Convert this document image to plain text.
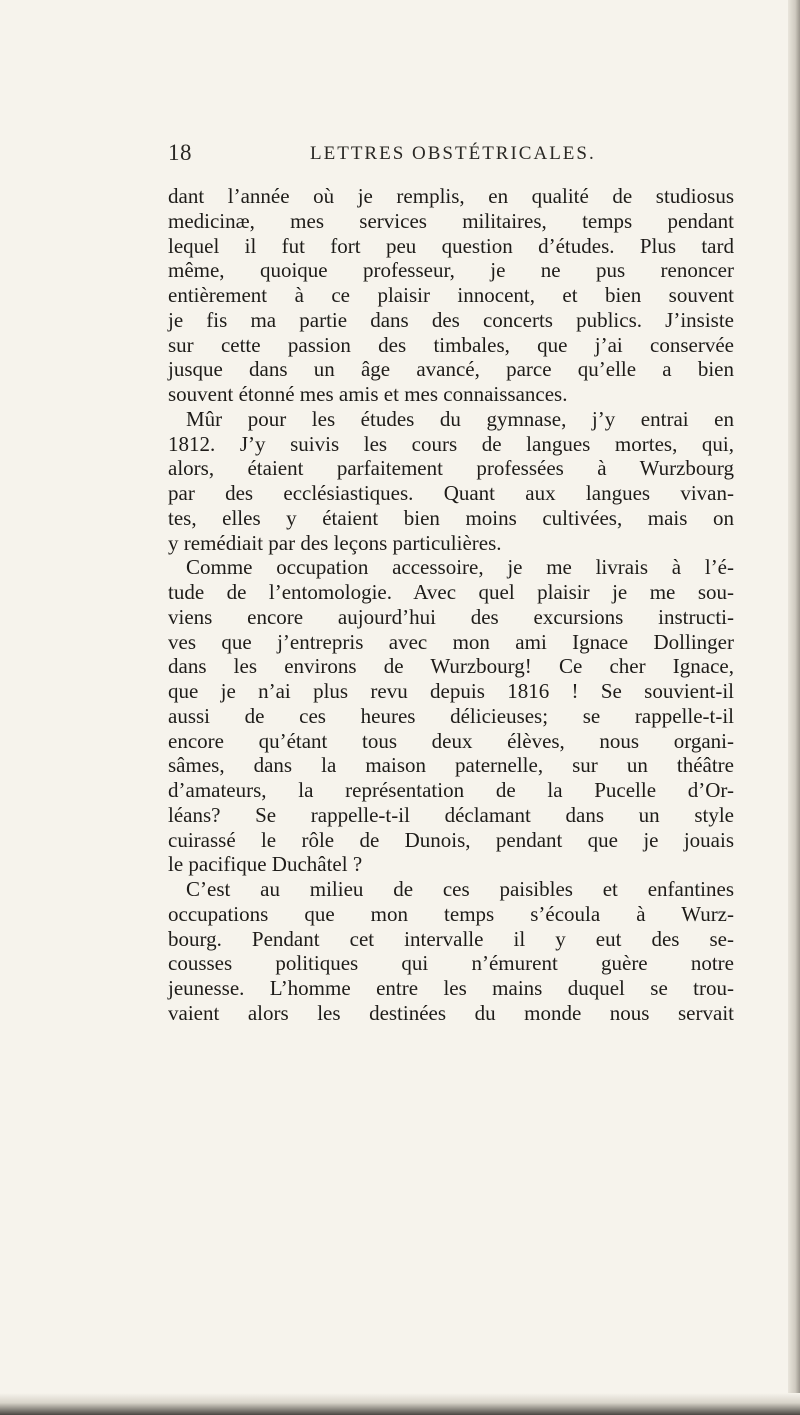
18	LETTRES OBSTÉTRICALES.
dant l’année où je remplis, en qualité de studiosus
medicinæ, mes services militaires, temps pendant
lequel il fut fort peu question d’études. Plus tard
même, quoique professeur, je ne pus renoncer
entièrement à ce plaisir innocent, et bien souvent
je fis ma partie dans des concerts publics. J’insiste
sur cette passion des timbales, que j’ai conservée
jusque dans un âge avancé, parce qu’elle a bien
souvent étonné mes amis et mes connaissances.
Mûr pour les études du gymnase, j’y entrai en
1812. J’y suivis les cours de langues mortes, qui,
alors, étaient parfaitement professées à Wurzbourg
par des ecclésiastiques. Quant aux langues vivan-
tes, elles y étaient bien moins cultivées, mais on
y remédiait par des leçons particulières.
Comme occupation accessoire, je me livrais à l’é-
tude de l’entomologie. Avec quel plaisir je me sou-
viens encore aujourd’hui des excursions instructi-
ves que j’entrepris avec mon ami Ignace Dollinger
dans les environs de Wurzbourg! Ce cher Ignace,
que je n’ai plus revu depuis 1816 ! Se souvient-il
aussi de ces heures délicieuses; se rappelle-t-il
encore qu’étant tous deux élèves, nous organi-
sâmes, dans la maison paternelle, sur un théâtre
d’amateurs, la représentation de la Pucelle d’Or-
léans? Se rappelle-t-il déclamant dans un style
cuirassé le rôle de Dunois, pendant que je jouais
le pacifique Duchâtel ?
C’est au milieu de ces paisibles et enfantines
occupations que mon temps s’écoula à Wurz-
bourg. Pendant cet intervalle il y eut des se-
cousses politiques qui n’émurent guère notre
jeunesse. L’homme entre les mains duquel se trou-
vaient alors les destinées du monde nous servait
